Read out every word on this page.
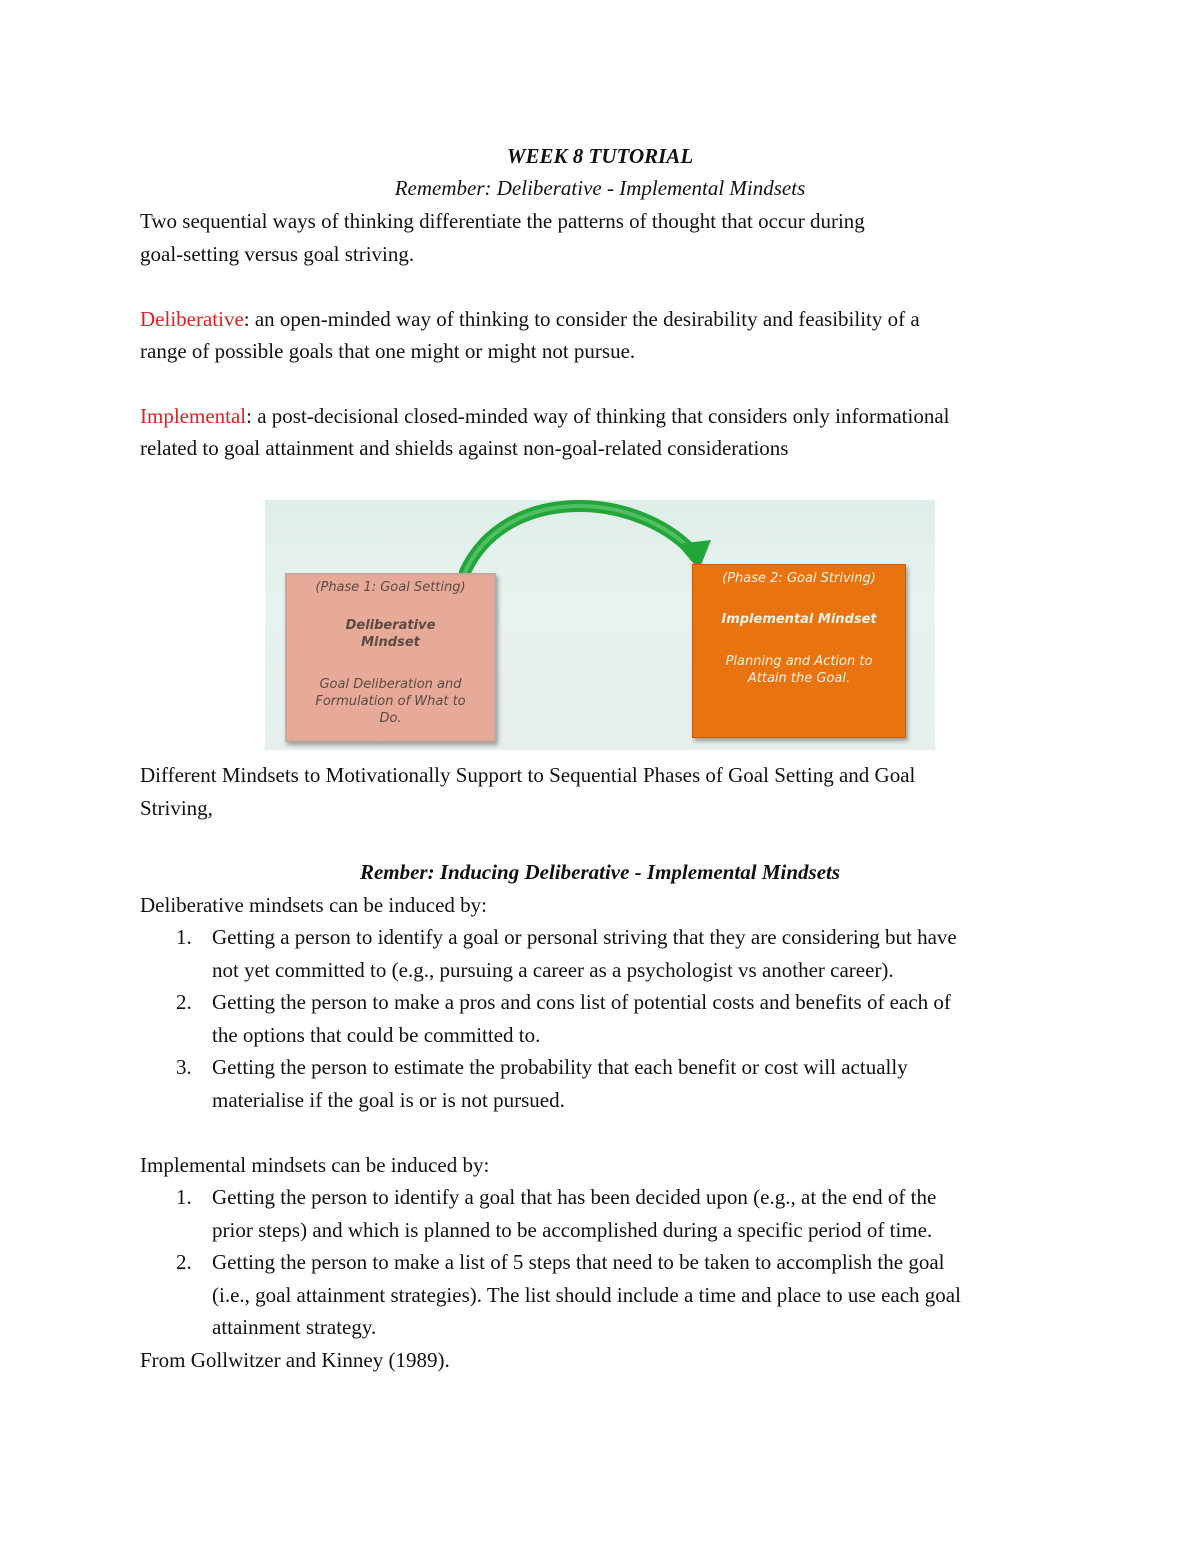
WEEK 8 TUTORIAL
Remember: Deliberative - Implemental Mindsets
Two sequential ways of thinking differentiate the patterns of thought that occur during
goal-setting versus goal striving.
Deliberative: an open-minded way of thinking to consider the desirability and feasibility of a
range of possible goals that one might or might not pursue.
Implemental: a post-decisional closed-minded way of thinking that considers only informational
related to goal attainment and shields against non-goal-related considerations
(Phase 1: Goal Setting)
Deliberative
Mindset
Goal Deliberation and
Formulation of What to
Do.
(Phase 2: Goal Striving)
Implemental Mindset
Planning and Action to
Attain the Goal.
Different Mindsets to Motivationally Support to Sequential Phases of Goal Setting and Goal
Striving,
Rember: Inducing Deliberative - Implemental Mindsets
Deliberative mindsets can be induced by:
1. Getting a person to identify a goal or personal striving that they are considering but have
not yet committed to (e.g., pursuing a career as a psychologist vs another career).
2. Getting the person to make a pros and cons list of potential costs and benefits of each of
the options that could be committed to.
3. Getting the person to estimate the probability that each benefit or cost will actually
materialise if the goal is or is not pursued.
Implemental mindsets can be induced by:
1. Getting the person to identify a goal that has been decided upon (e.g., at the end of the
prior steps) and which is planned to be accomplished during a specific period of time.
2. Getting the person to make a list of 5 steps that need to be taken to accomplish the goal
(i.e., goal attainment strategies). The list should include a time and place to use each goal
attainment strategy.
From Gollwitzer and Kinney (1989).
